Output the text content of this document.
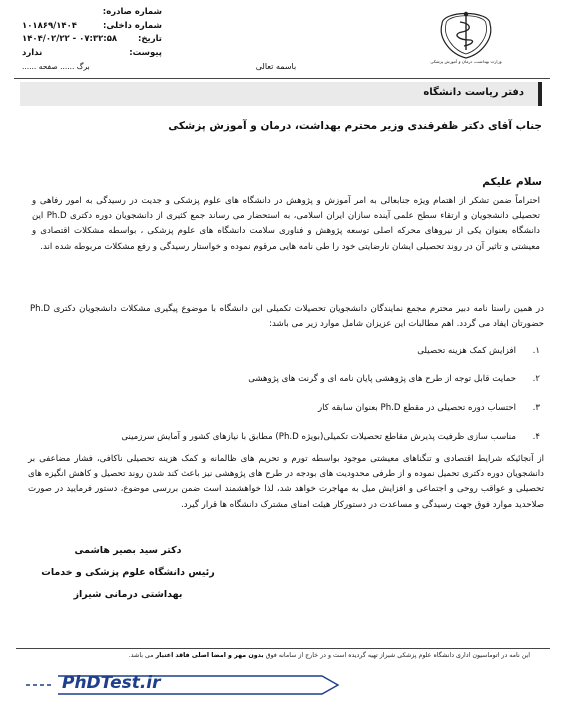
وزارت بهداشت، درمان و آموزش پزشکی
شماره صادره:
۱۰۱۸۶۹/۱۴۰۴	شماره داخلی:
۱۴۰۴/۰۲/۲۲ - ۰۷:۳۲:۵۸ تاریخ:
ندارد	پیوست:
برگ ...... صفحه ......	باسمه تعالی
دفتر ریاست دانشگاه
جناب آقای دکتر ظفرقندی وزیر محترم بهداشت، درمان و آموزش پزشکی
سلام علیکم
احتراماً ضمن تشکر از اهتمام ویژه جنابعالی به امر آموزش و پژوهش در دانشگاه های علوم پزشکی و جدیت در رسیدگی به امور رفاهی و تحصیلی دانشجویان و ارتقاء سطح علمی آینده سازان ایران اسلامی، به استحضار می رساند جمع کثیری از دانشجویان دوره دکتری Ph.D این دانشگاه بعنوان یکی از نیروهای محرکه اصلی توسعه پژوهش و فناوری سلامت دانشگاه های علوم پزشکی ، بواسطه مشکلات اقتصادی و معیشتی و تاثیر آن در روند تحصیلی ایشان نارضایتی خود را طی نامه هایی مرقوم نموده و خواستار رسیدگی و رفع مشکلات مربوطه شده اند.
در همین راستا نامه دبیر محترم مجمع نمایندگان دانشجویان تحصیلات تکمیلی این دانشگاه با موضوع پیگیری مشکلات دانشجویان دکتری Ph.D حضورتان ایفاد می گردد. اهم مطالبات این عزیزان شامل موارد زیر می باشد:
۱.
افزایش کمک هزینه تحصیلی
۲.
حمایت قابل توجه از طرح های پژوهشی پایان نامه ای و گرنت های پژوهشی
۳.
احتساب دوره تحصیلی در مقطع Ph.D بعنوان سابقه کار
۴.
مناسب سازی ظرفیت پذیرش مقاطع تحصیلات تکمیلی(بویژه Ph.D) مطابق با نیازهای کشور و آمایش سرزمینی
از آنجائیکه شرایط اقتصادی و تنگناهای معیشتی موجود بواسطه تورم و تحریم های ظالمانه و کمک هزینه تحصیلی ناکافی، فشار مضاعفی بر دانشجویان دوره دکتری تحمیل نموده و از طرفی محدودیت های بودجه در طرح های پژوهشی نیز باعث کند شدن روند تحصیل و کاهش انگیزه های تحصیلی و عواقب روحی و اجتماعی و افزایش میل به مهاجرت خواهد شد، لذا خواهشمند است ضمن بررسی موضوع، دستور فرمایید در صورت صلاحدید موارد فوق جهت رسیدگی و مساعدت در دستورکار هیئت امنای مشترک دانشگاه ها قرار گیرد.
دکتر سید بصیر هاشمی
رئیس دانشگاه علوم پزشکی و خدمات
بهداشتی درمانی شیراز
این نامه در اتوماسیون اداری دانشگاه علوم پزشکی شیراز تهیه گردیده است و در خارج از سامانه فوق بدون مهر و امضا اصلی فاقد اعتبار می باشد.
PhDTest.ir
